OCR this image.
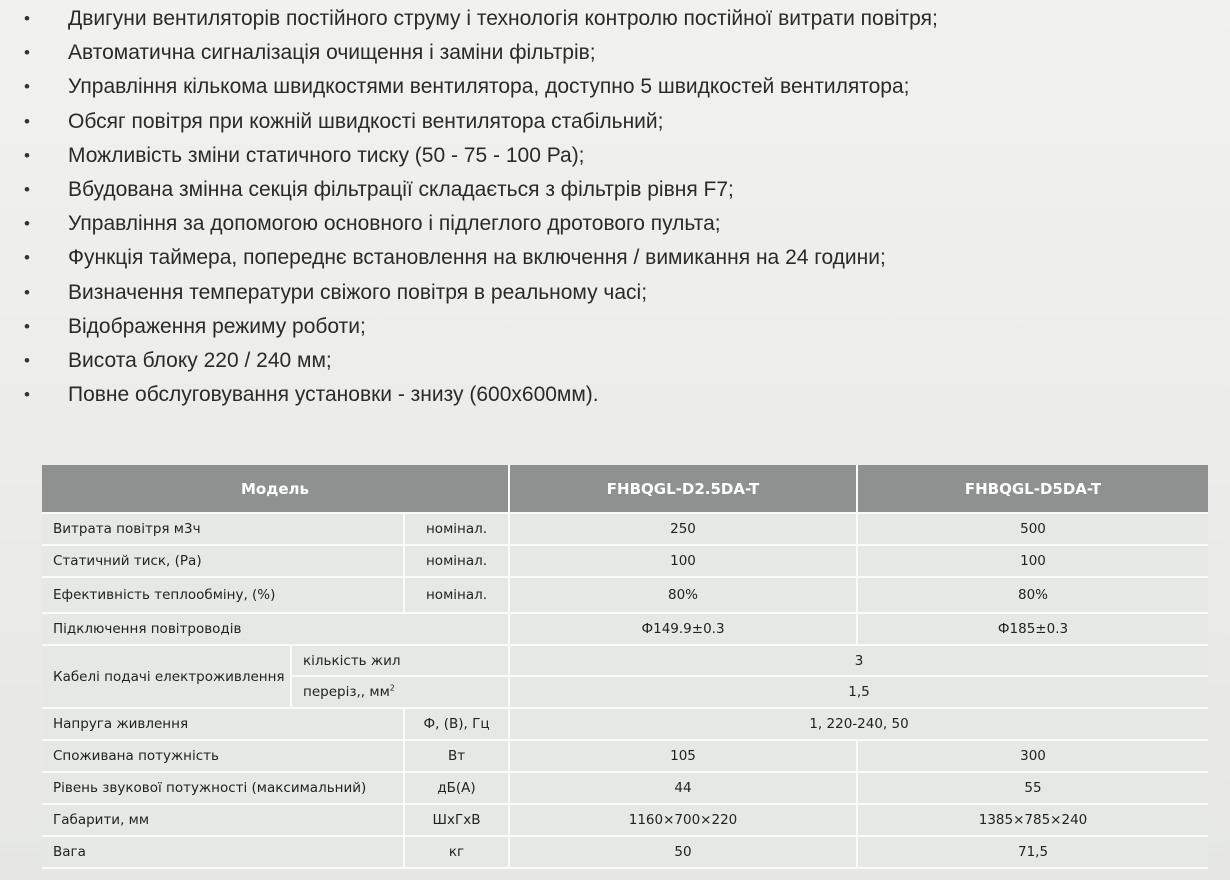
• Двигуни вентиляторів постійного струму і технологія контролю постійної витрати повітря;
• Автоматична сигналізація очищення і заміни фільтрів;
• Управління кількома швидкостями вентилятора, доступно 5 швидкостей вентилятора;
• Обсяг повітря при кожній швидкості вентилятора стабільний;
• Можливість зміни статичного тиску (50 - 75 - 100 Ра);
• Вбудована змінна секція фільтрації складається з фільтрів рівня F7;
• Управління за допомогою основного і підлеглого дротового пульта;
• Функція таймера, попереднє встановлення на включення / вимикання на 24 години;
• Визначення температури свіжого повітря в реальному часі;
• Відображення режиму роботи;
• Висота блоку 220 / 240 мм;
• Повне обслуговування установки - знизу (600х600мм).
Модель			FHBQGL-D2.5DA-T	FHBQGL-D5DA-T
Витрата повітря м3ч		номінал.	250	500
Статичний тиск, (Ра)		номінал.	100	100
Ефективність теплообміну, (%)		номінал.	80%	80%
Підключення повітроводів			Ф149.9±0.3	Ф185±0.3
Кабелі подачі електроживлення	кількість жил		3	
	переріз,, $мм^2$		1,5	
Напруга живлення		Ф, (В), Гц	1, 220-240, 50	
Споживана потужність		Вт	105	300
Рівень звукової потужності (максимальний)		дБ(А)	44	55
Габарити, мм		ШхГхВ	1160×700×220	1385×785×240
Вага		кг	50	71,5
